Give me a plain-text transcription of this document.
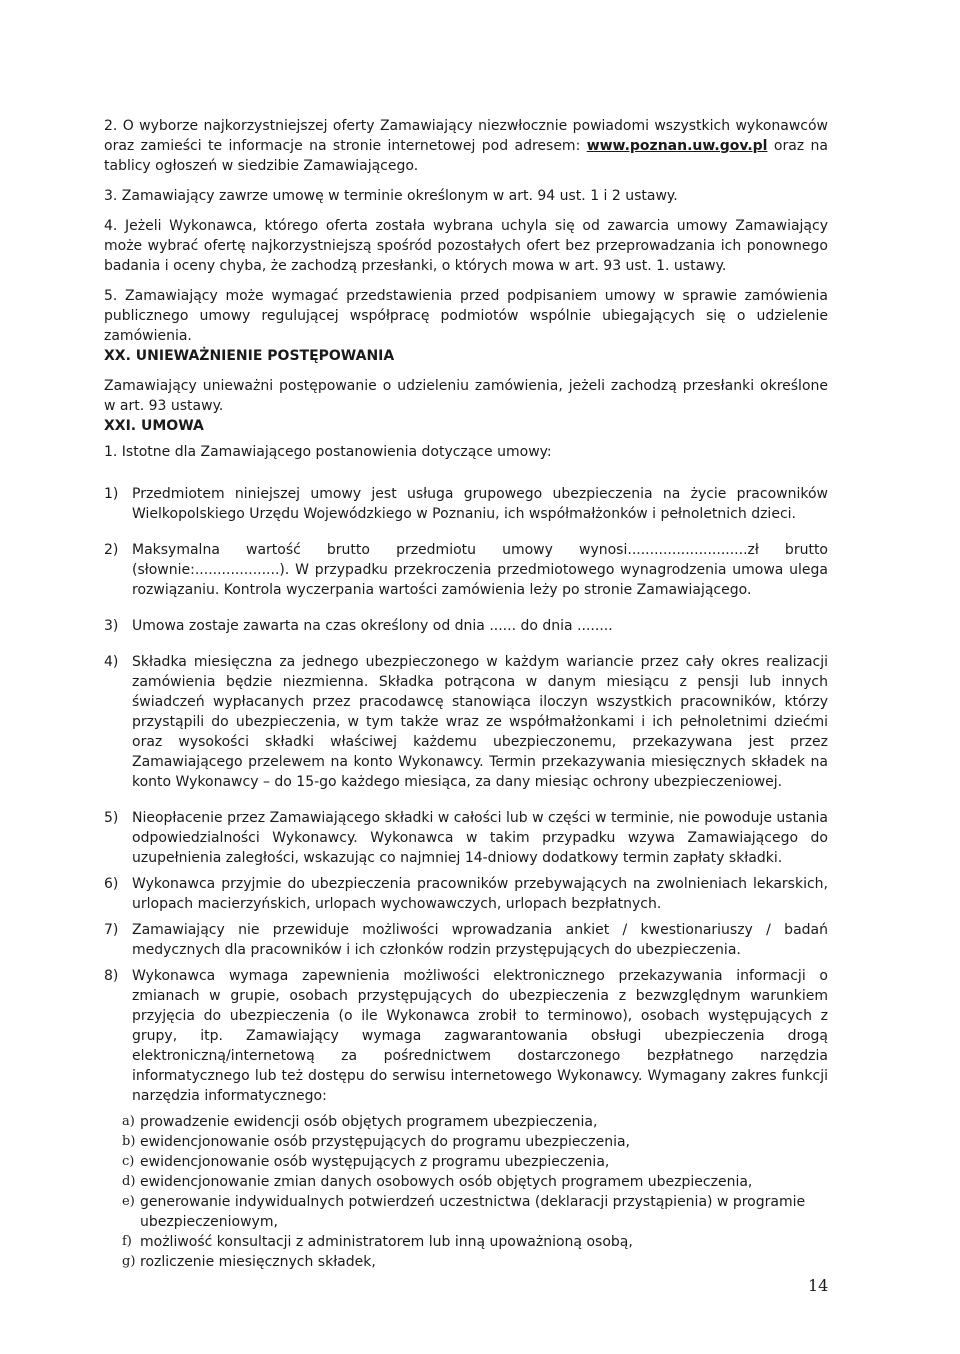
2. O wyborze najkorzystniejszej oferty Zamawiający niezwłocznie powiadomi wszystkich wykonawców oraz zamieści te informacje na stronie internetowej pod adresem: www.poznan.uw.gov.pl oraz na tablicy ogłoszeń w siedzibie Zamawiającego.

3. Zamawiający zawrze umowę w terminie określonym w art. 94 ust. 1 i 2 ustawy.

4. Jeżeli Wykonawca, którego oferta została wybrana uchyla się od zawarcia umowy Zamawiający może wybrać ofertę najkorzystniejszą spośród pozostałych ofert bez przeprowadzania ich ponownego badania i oceny chyba, że zachodzą przesłanki, o których mowa w art. 93 ust. 1. ustawy.

5. Zamawiający może wymagać przedstawienia przed podpisaniem umowy w sprawie zamówienia publicznego umowy regulującej współpracę podmiotów wspólnie ubiegających się o udzielenie zamówienia.

XX. UNIEWAŻNIENIE POSTĘPOWANIA

Zamawiający unieważni postępowanie o udzieleniu zamówienia, jeżeli zachodzą przesłanki określone w art. 93 ustawy.

XXI. UMOWA

1. Istotne dla Zamawiającego postanowienia dotyczące umowy:

1) Przedmiotem niniejszej umowy jest usługa grupowego ubezpieczenia na życie pracowników Wielkopolskiego Urzędu Wojewódzkiego w Poznaniu, ich współmałżonków i pełnoletnich dzieci.

2) Maksymalna wartość brutto przedmiotu umowy wynosi...........................zł brutto (słownie:...................). W przypadku przekroczenia przedmiotowego wynagrodzenia umowa ulega rozwiązaniu. Kontrola wyczerpania wartości zamówienia leży po stronie Zamawiającego.

3) Umowa zostaje zawarta na czas określony od dnia ...... do dnia ........

4) Składka miesięczna za jednego ubezpieczonego w każdym wariancie przez cały okres realizacji zamówienia będzie niezmienna. Składka potrącona w danym miesiącu z pensji lub innych świadczeń wypłacanych przez pracodawcę stanowiąca iloczyn wszystkich pracowników, którzy przystąpili do ubezpieczenia, w tym także wraz ze współmałżonkami i ich pełnoletnimi dziećmi oraz wysokości składki właściwej każdemu ubezpieczonemu, przekazywana jest przez Zamawiającego przelewem na konto Wykonawcy. Termin przekazywania miesięcznych składek na konto Wykonawcy – do 15-go każdego miesiąca, za dany miesiąc ochrony ubezpieczeniowej.

5) Nieopłacenie przez Zamawiającego składki w całości lub w części w terminie, nie powoduje ustania odpowiedzialności Wykonawcy. Wykonawca w takim przypadku wzywa Zamawiającego do uzupełnienia zaległości, wskazując co najmniej 14-dniowy dodatkowy termin zapłaty składki.

6) Wykonawca przyjmie do ubezpieczenia pracowników przebywających na zwolnieniach lekarskich, urlopach macierzyńskich, urlopach wychowawczych, urlopach bezpłatnych.

7) Zamawiający nie przewiduje możliwości wprowadzania ankiet / kwestionariuszy / badań medycznych dla pracowników i ich członków rodzin przystępujących do ubezpieczenia.

8) Wykonawca wymaga zapewnienia możliwości elektronicznego przekazywania informacji o zmianach w grupie, osobach przystępujących do ubezpieczenia z bezwzględnym warunkiem przyjęcia do ubezpieczenia (o ile Wykonawca zrobił to terminowo), osobach występujących z grupy, itp. Zamawiający wymaga zagwarantowania obsługi ubezpieczenia drogą elektroniczną/internetową za pośrednictwem dostarczonego bezpłatnego narzędzia informatycznego lub też dostępu do serwisu internetowego Wykonawcy. Wymagany zakres funkcji narzędzia informatycznego:

a) prowadzenie ewidencji osób objętych programem ubezpieczenia,

b) ewidencjonowanie osób przystępujących do programu ubezpieczenia,

c) ewidencjonowanie osób występujących z programu ubezpieczenia,

d) ewidencjonowanie zmian danych osobowych osób objętych programem ubezpieczenia,

e) generowanie indywidualnych potwierdzeń uczestnictwa (deklaracji przystąpienia) w programie ubezpieczeniowym,

f) możliwość konsultacji z administratorem lub inną upoważnioną osobą,

g) rozliczenie miesięcznych składek,

14
